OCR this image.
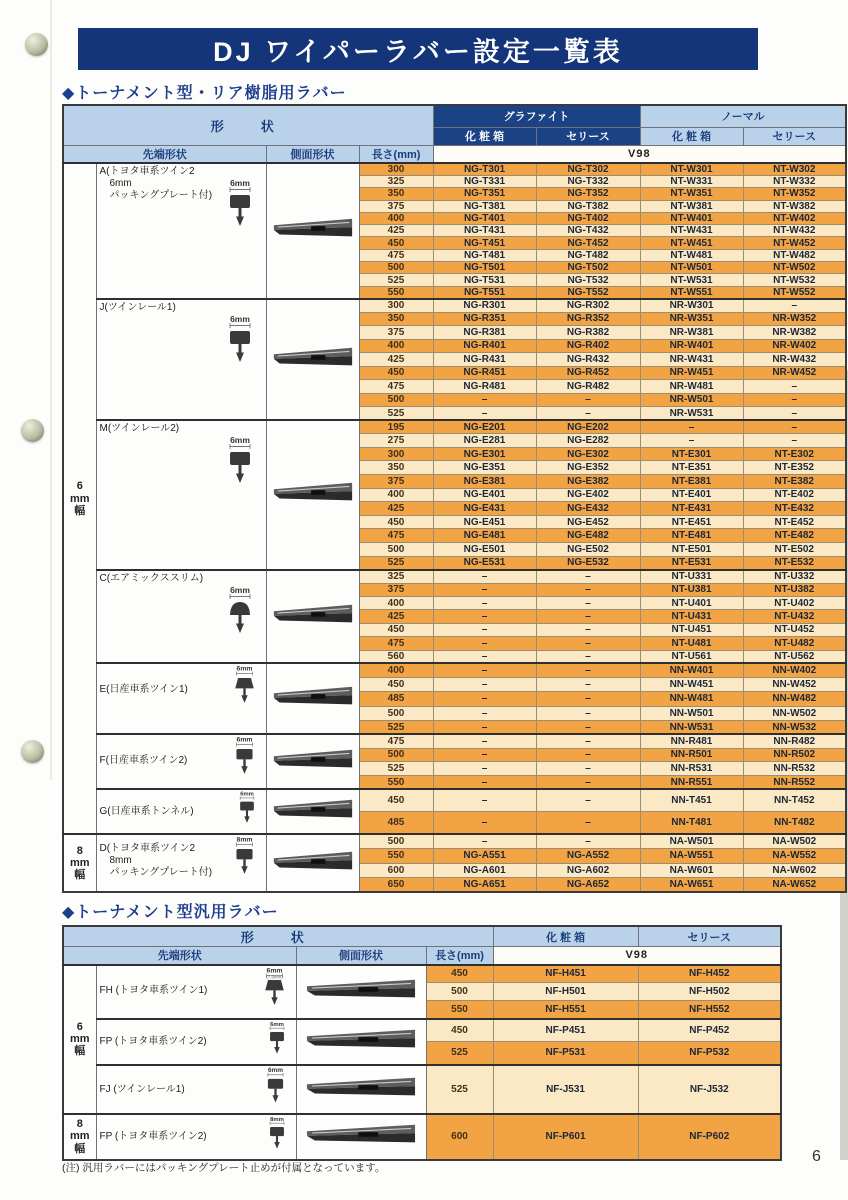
DJ ワイパーラバー設定一覧表
◆トーナメント型・リア樹脂用ラバー
形　状				グラファイト		ノーマル	
				化 粧 箱	セリース	化 粧 箱	セリース
先端形状		側面形状	長さ(mm)	V98			

6
mm
幅

A(トヨタ車系ツイン2
　6mm
　パッキングプレート付)
6mm

	300	NG-T301	NG-T302	NT-W301	NT-W302
			325	NG-T331	NG-T332	NT-W331	NT-W332
			350	NG-T351	NG-T352	NT-W351	NT-W352
			375	NG-T381	NG-T382	NT-W381	NT-W382
			400	NG-T401	NG-T402	NT-W401	NT-W402
			425	NG-T431	NG-T432	NT-W431	NT-W432
			450	NG-T451	NG-T452	NT-W451	NT-W452
			475	NG-T481	NG-T482	NT-W481	NT-W482
			500	NG-T501	NG-T502	NT-W501	NT-W502
			525	NG-T531	NG-T532	NT-W531	NT-W532
			550	NG-T551	NG-T552	NT-W551	NT-W552

	J(ツインレール1)
6mm		300	NG-R301	NG-R302	NR-W301	–
			350	NG-R351	NG-R352	NR-W351	NR-W352
			375	NG-R381	NG-R382	NR-W381	NR-W382
			400	NG-R401	NG-R402	NR-W401	NR-W402
			425	NG-R431	NG-R432	NR-W431	NR-W432
			450	NG-R451	NG-R452	NR-W451	NR-W452
			475	NG-R481	NG-R482	NR-W481	–
			500	–	–	NR-W501	–
			525	–	–	NR-W531	–

	M(ツインレール2)
6mm		195	NG-E201	NG-E202	–	–
			275	NG-E281	NG-E282	–	–
			300	NG-E301	NG-E302	NT-E301	NT-E302
			350	NG-E351	NG-E352	NT-E351	NT-E352
			375	NG-E381	NG-E382	NT-E381	NT-E382
			400	NG-E401	NG-E402	NT-E401	NT-E402
			425	NG-E431	NG-E432	NT-E431	NT-E432
			450	NG-E451	NG-E452	NT-E451	NT-E452
			475	NG-E481	NG-E482	NT-E481	NT-E482
			500	NG-E501	NG-E502	NT-E501	NT-E502
			525	NG-E531	NG-E532	NT-E531	NT-E532

	C(エアミックススリム)
6mm		325	–	–	NT-U331	NT-U332
			375	–	–	NT-U381	NT-U382
			400	–	–	NT-U401	NT-U402
			425	–	–	NT-U431	NT-U432
			450	–	–	NT-U451	NT-U452
			475	–	–	NT-U481	NT-U482
			560	–	–	NT-U561	NT-U562

	E(日産車系ツイン1)
6mm		400	–	–	NN-W401	NN-W402
			450	–	–	NN-W451	NN-W452
			485	–	–	NN-W481	NN-W482
			500	–	–	NN-W501	NN-W502
			525	–	–	NN-W531	NN-W532

	F(日産車系ツイン2)
6mm		475	–	–	NN-R481	NN-R482
			500	–	–	NN-R501	NN-R502
			525	–	–	NN-R531	NN-R532
			550	–	–	NN-R551	NN-R552

	G(日産車系トンネル)
6mm		450	–	–	NN-T451	NN-T452
			485	–	–	NN-T481	NN-T482

8
mm
幅

D(トヨタ車系ツイン2
　8mm
　パッキングプレート付)
8mm		500	–	–	NA-W501	NA-W502
			550	NG-A551	NG-A552	NA-W551	NA-W552
			600	NG-A601	NG-A602	NA-W601	NA-W602
			650	NG-A651	NG-A652	NA-W651	NA-W652
◆トーナメント型汎用ラバー
形　状				化 粧 箱	セリース
先端形状		側面形状	長さ(mm)	V98	

6
mm
幅

FH (トヨタ車系ツイン1)
6mm
(7.6mm)		450	NF-H451	NF-H452
			500	NF-H501	NF-H502
			550	NF-H551	NF-H552

	FP (トヨタ車系ツイン2)
6mm		450	NF-P451	NF-P452
			525	NF-P531	NF-P532

	FJ (ツインレール1)
6mm		525	NF-J531	NF-J532

8
mm
幅

FP (トヨタ車系ツイン2)
8mm

	600	NF-P601	NF-P602
(注) 汎用ラバーにはパッキングプレート止めが付属となっています。
6
